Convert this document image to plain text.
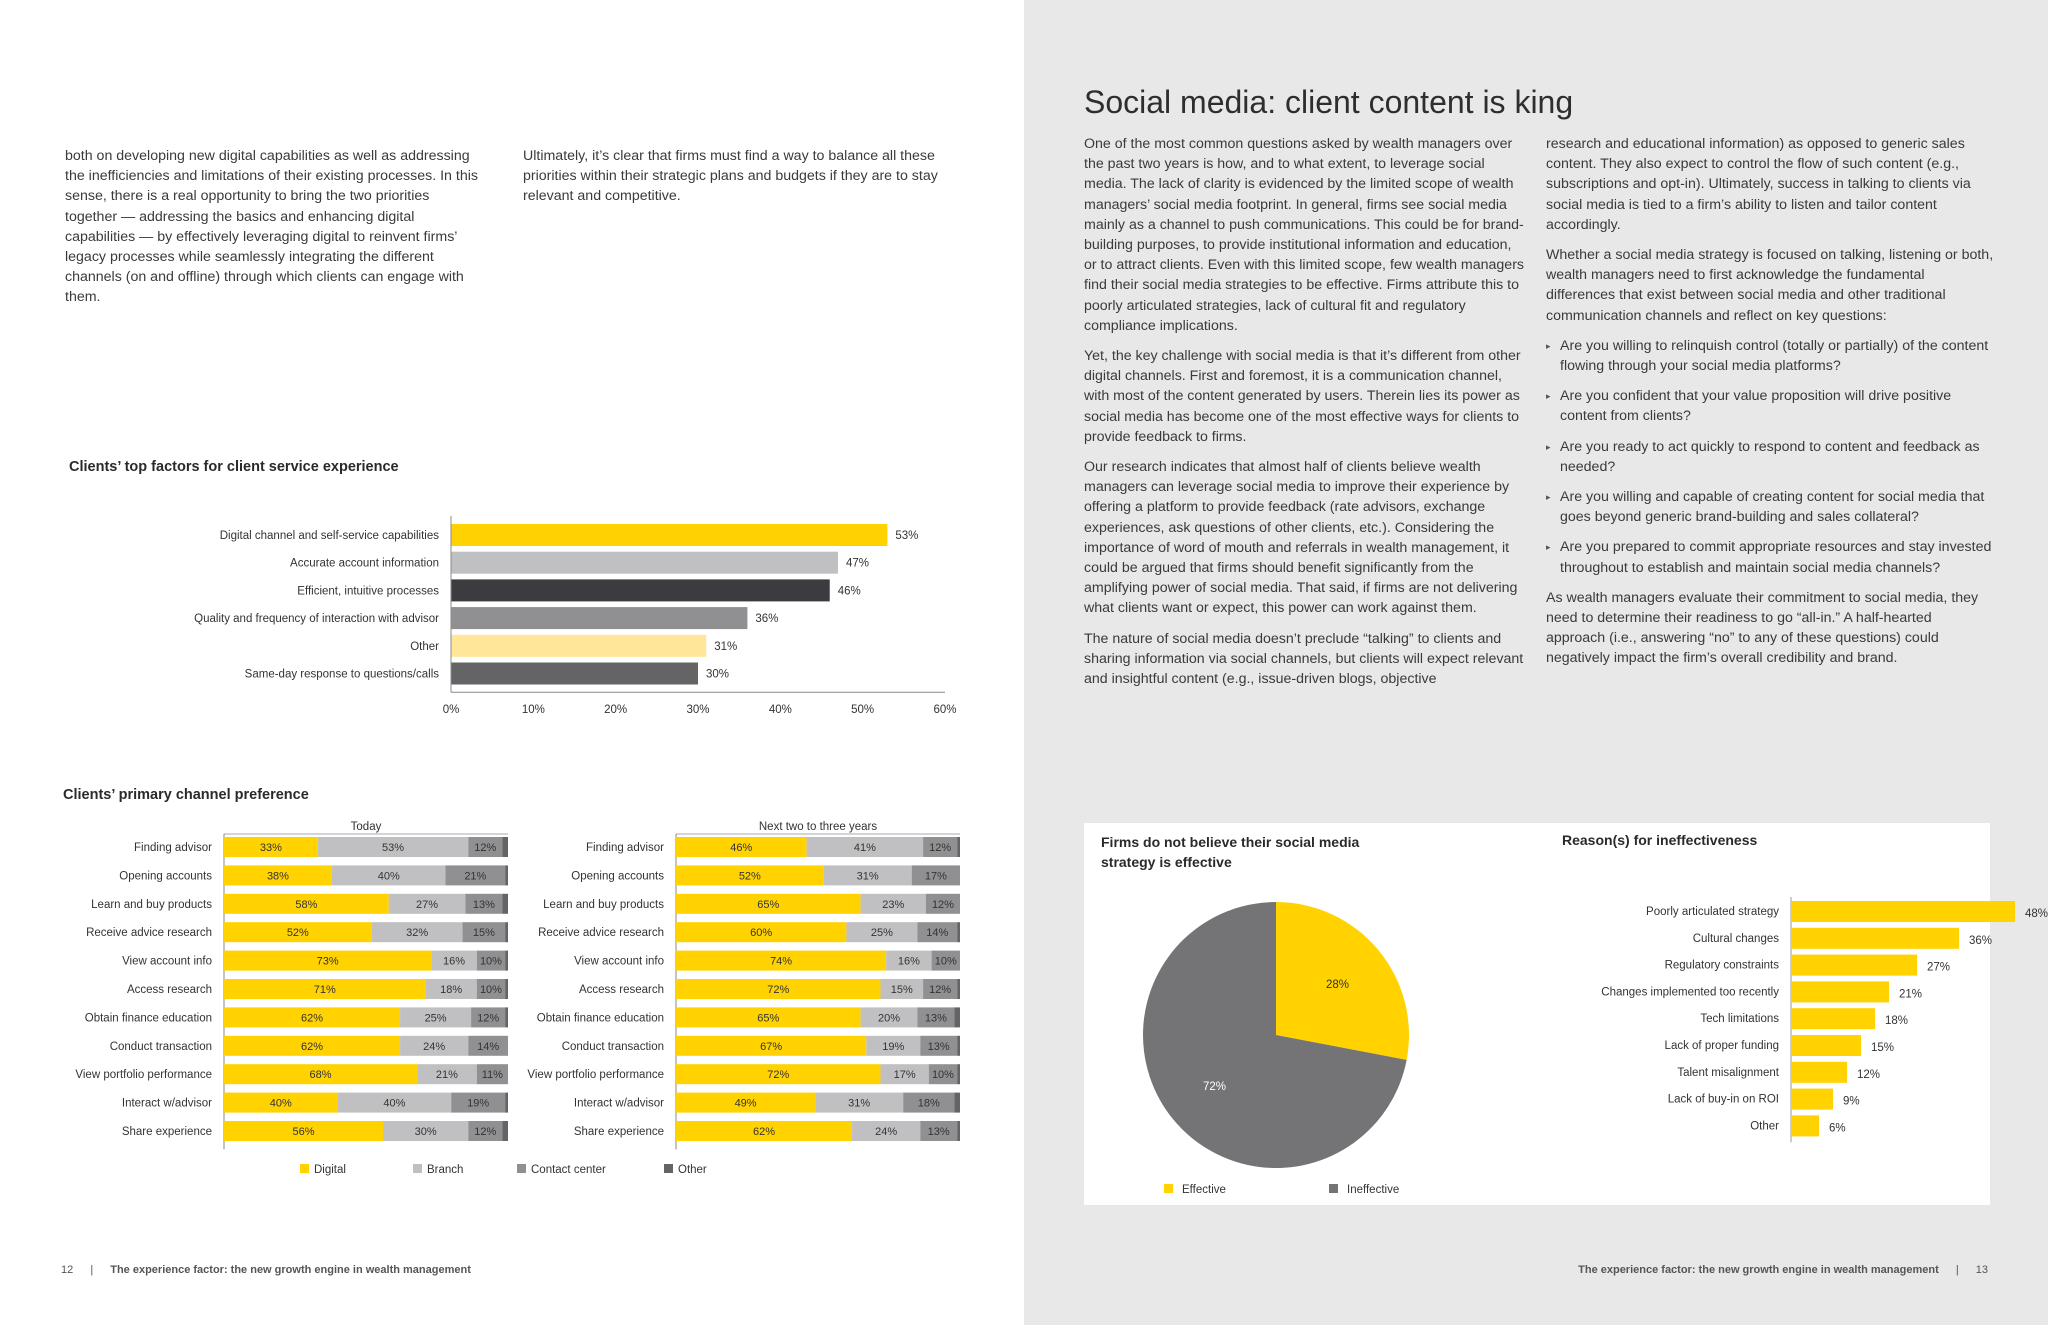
both on developing new digital capabilities as well as addressing the inefficiencies and limitations of their existing processes. In this sense, there is a real opportunity to bring the two priorities together — addressing the basics and enhancing digital capabilities — by effectively leveraging digital to reinvent firms’ legacy processes while seamlessly integrating the different channels (on and offline) through which clients can engage with them.
Ultimately, it’s clear that firms must find a way to balance all these priorities within their strategic plans and budgets if they are to stay relevant and competitive.
Clients’ top factors for client service experience
Digital channel and self-service capabilities	53%
Accurate account information	47%
Efficient, intuitive processes	46%
Quality and frequency of interaction with advisor	36%
Other	31%
Same-day response to questions/calls	30%
0%	10%	20%	30%	40%	50%	60%
Clients’ primary channel preference
Today
Finding advisor	33%	53%	12%
Opening accounts	38%	40%	21%
Learn and buy products	58%	27%	13%
Receive advice research	52%	32%	15%
View account info	73%	16% 10%
Access research	71%	18% 10%
Obtain finance education	62%	25%	12%
Conduct transaction	62%	24%	14%
View portfolio performance	68%	21% 11%
Interact w/advisor	40%	40%	19%
Share experience	56%	30%	12%
Next two to three years
Finding advisor	46%	41%	12%
Opening accounts	52%	31%	17%
Learn and buy products	65%	23%	12%
Receive advice research	60%	25%	14%
View account info	74%	16% 10%
Access research	72%	15% 12%
Obtain finance education	65%	20% 13%
Conduct transaction	67%	19% 13%
View portfolio performance	72%	17% 10%
Interact w/advisor	49%	31%	18%
Share experience	62%	24%	13%
Digital	Branch	Contact center	Other
12 | The experience factor: the new growth engine in wealth management
Social media: client content is king

One of the most common questions asked by wealth managers over the past two years is how, and to what extent, to leverage social media. The lack of clarity is evidenced by the limited scope of wealth managers’ social media footprint. In general, firms see social media mainly as a channel to push communications. This could be for brand-building purposes, to provide institutional information and education, or to attract clients. Even with this limited scope, few wealth managers find their social media strategies to be effective. Firms attribute this to poorly articulated strategies, lack of cultural fit and regulatory compliance implications.

Yet, the key challenge with social media is that it’s different from other digital channels. First and foremost, it is a communication channel, with most of the content generated by users. Therein lies its power as social media has become one of the most effective ways for clients to provide feedback to firms.

Our research indicates that almost half of clients believe wealth managers can leverage social media to improve their experience by offering a platform to provide feedback (rate advisors, exchange experiences, ask questions of other clients, etc.). Considering the importance of word of mouth and referrals in wealth management, it could be argued that firms should benefit significantly from the amplifying power of social media. That said, if firms are not delivering what clients want or expect, this power can work against them.

The nature of social media doesn’t preclude “talking” to clients and sharing information via social channels, but clients will expect relevant and insightful content (e.g., issue-driven blogs, objective

research and educational information) as opposed to generic sales content. They also expect to control the flow of such content (e.g., subscriptions and opt-in). Ultimately, success in talking to clients via social media is tied to a firm’s ability to listen and tailor content accordingly.

Whether a social media strategy is focused on talking, listening or both, wealth managers need to first acknowledge the fundamental differences that exist between social media and other traditional communication channels and reflect on key questions:

▸ Are you willing to relinquish control (totally or partially) of the content flowing through your social media platforms?
▸ Are you confident that your value proposition will drive positive content from clients?
▸ Are you ready to act quickly to respond to content and feedback as needed?
▸ Are you willing and capable of creating content for social media that goes beyond generic brand-building and sales collateral?
▸ Are you prepared to commit appropriate resources and stay invested throughout to establish and maintain social media channels?

As wealth managers evaluate their commitment to social media, they need to determine their readiness to go “all-in.” A half-hearted approach (i.e., answering “no” to any of these questions) could negatively impact the firm’s overall credibility and brand.

Firms do not believe their social media
strategy is effective
Reason(s) for ineffectiveness
28%
72%
Effective	Ineffective
Poorly articulated strategy	48%
Cultural changes	36%
Regulatory constraints	27%
Changes implemented too recently	21%
Tech limitations	18%
Lack of proper funding	15%
Talent misalignment	12%
Lack of buy-in on ROI	9%
Other	6%
The experience factor: the new growth engine in wealth management | 13
